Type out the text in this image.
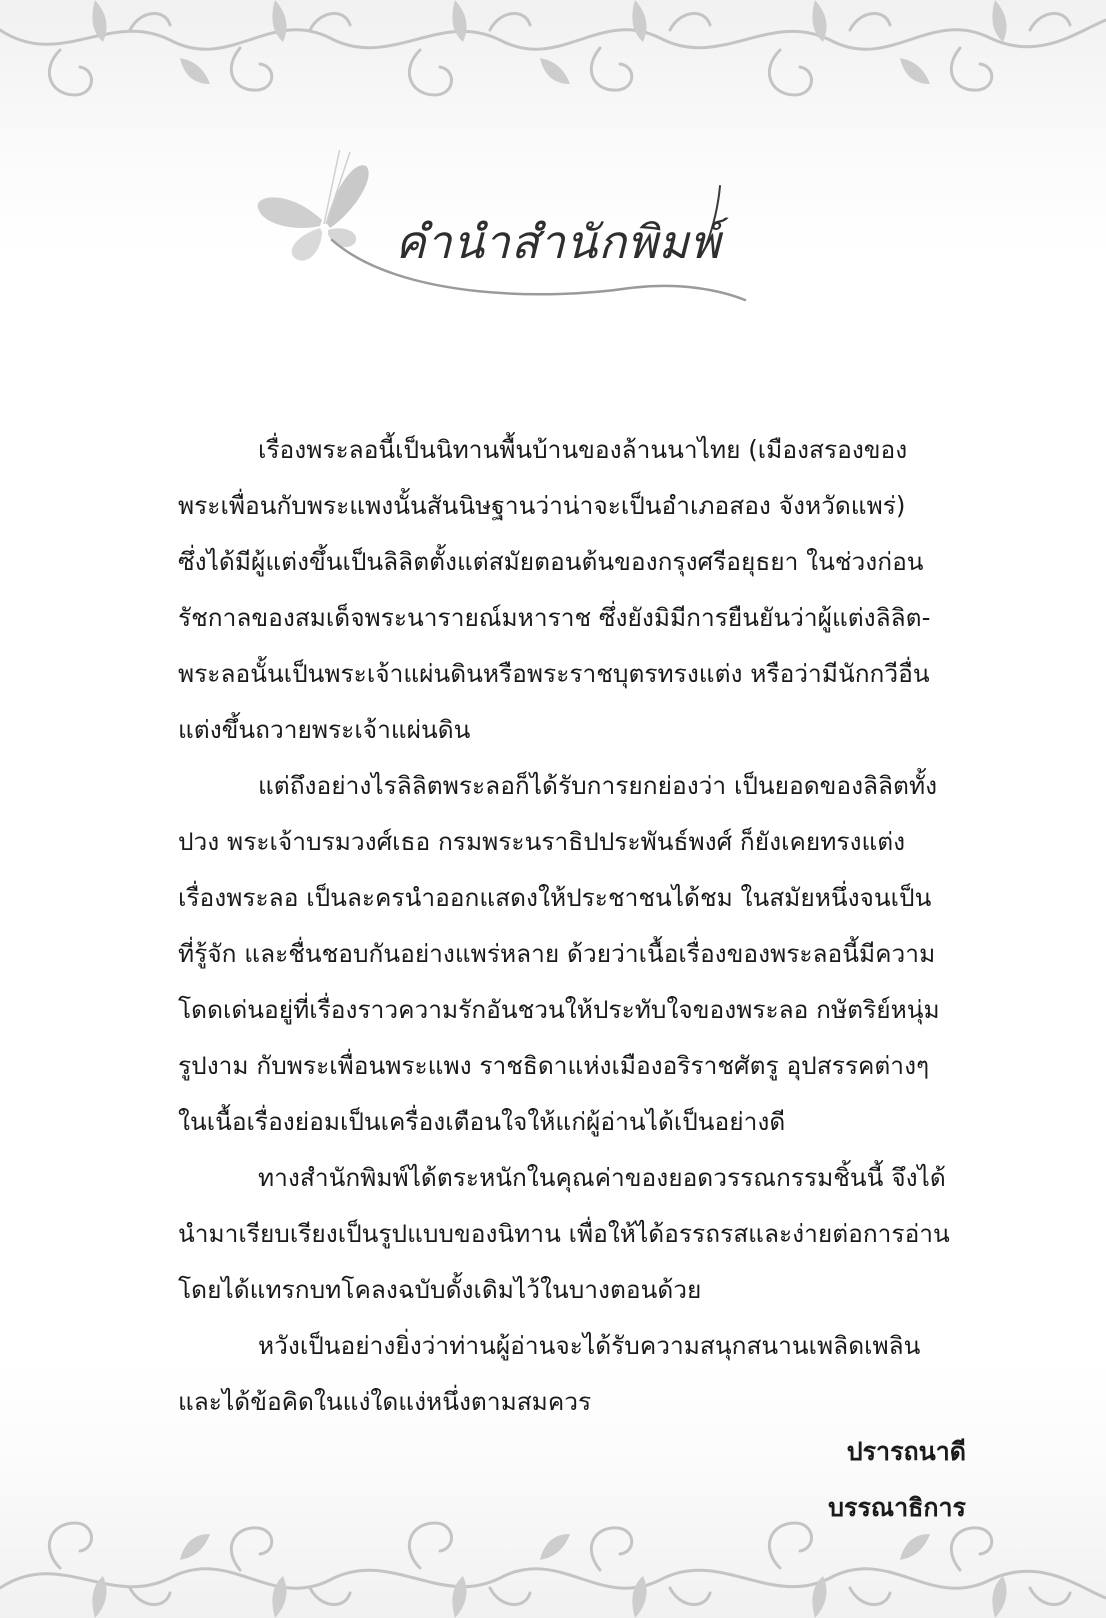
คำนำสำนักพิมพ์

เรื่องพระลอนี้เป็นนิทานพื้นบ้านของล้านนาไทย (เมืองสรองของ
พระเพื่อนกับพระแพงนั้นสันนิษฐานว่าน่าจะเป็นอำเภอสอง จังหวัดแพร่)
ซึ่งได้มีผู้แต่งขึ้นเป็นลิลิตตั้งแต่สมัยตอนต้นของกรุงศรีอยุธยา ในช่วงก่อน
รัชกาลของสมเด็จพระนารายณ์มหาราช ซึ่งยังมิมีการยืนยันว่าผู้แต่งลิลิต-
พระลอนั้นเป็นพระเจ้าแผ่นดินหรือพระราชบุตรทรงแต่ง หรือว่ามีนักกวีอื่น
แต่งขึ้นถวายพระเจ้าแผ่นดิน

แต่ถึงอย่างไรลิลิตพระลอก็ได้รับการยกย่องว่า เป็นยอดของลิลิตทั้ง
ปวง พระเจ้าบรมวงศ์เธอ กรมพระนราธิปประพันธ์พงศ์ ก็ยังเคยทรงแต่ง
เรื่องพระลอ เป็นละครนำออกแสดงให้ประชาชนได้ชม ในสมัยหนึ่งจนเป็น
ที่รู้จัก และชื่นชอบกันอย่างแพร่หลาย ด้วยว่าเนื้อเรื่องของพระลอนี้มีความ
โดดเด่นอยู่ที่เรื่องราวความรักอันชวนให้ประทับใจของพระลอ กษัตริย์หนุ่ม
รูปงาม กับพระเพื่อนพระแพง ราชธิดาแห่งเมืองอริราชศัตรู อุปสรรคต่างๆ
ในเนื้อเรื่องย่อมเป็นเครื่องเตือนใจให้แก่ผู้อ่านได้เป็นอย่างดี

ทางสำนักพิมพ์ได้ตระหนักในคุณค่าของยอดวรรณกรรมชิ้นนี้ จึงได้
นำมาเรียบเรียงเป็นรูปแบบของนิทาน เพื่อให้ได้อรรถรสและง่ายต่อการอ่าน
โดยได้แทรกบทโคลงฉบับดั้งเดิมไว้ในบางตอนด้วย

หวังเป็นอย่างยิ่งว่าท่านผู้อ่านจะได้รับความสนุกสนานเพลิดเพลิน
และได้ข้อคิดในแง่ใดแง่หนึ่งตามสมควร

ปรารถนาดี
บรรณาธิการ
